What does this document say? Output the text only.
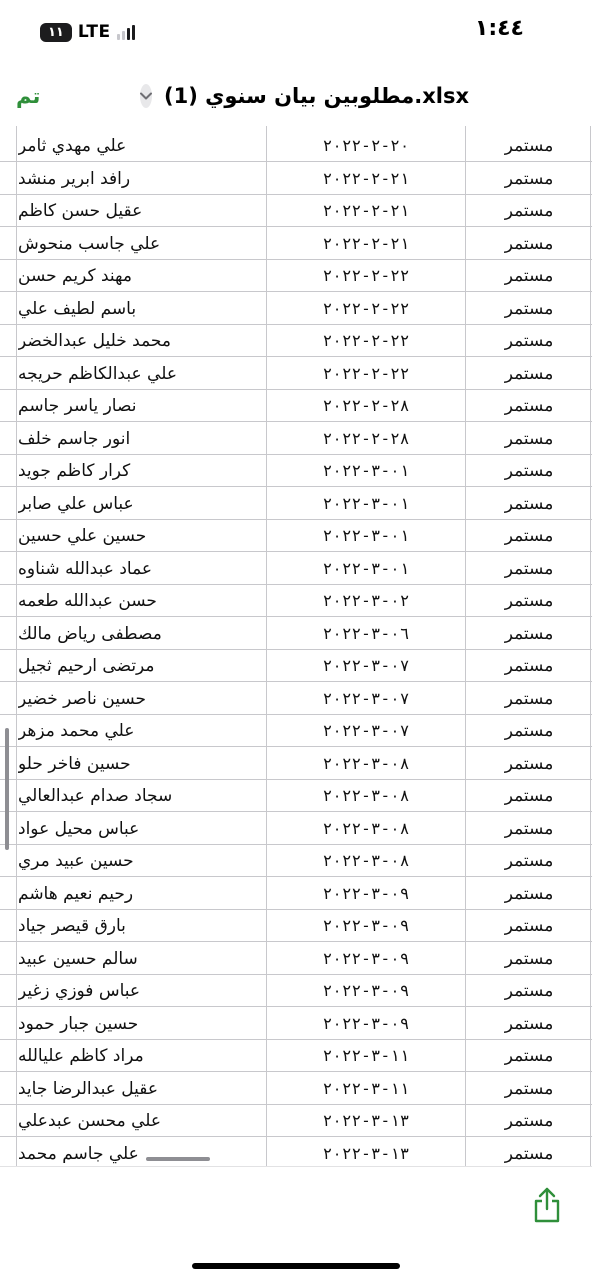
١١ LTE	١:٤٤
تم	مطلوبين بيان سنوي (1).xlsx
علي مهدي ثامر	٢٠-٢-٢٠٢٢	مستمر
رافد ابرير منشد	٢١-٢-٢٠٢٢	مستمر
عقيل حسن كاظم	٢١-٢-٢٠٢٢	مستمر
علي جاسب منحوش	٢١-٢-٢٠٢٢	مستمر
مهند كريم حسن	٢٢-٢-٢٠٢٢	مستمر
باسم لطيف علي	٢٢-٢-٢٠٢٢	مستمر
محمد خليل عبدالخضر	٢٢-٢-٢٠٢٢	مستمر
علي عبدالكاظم حريجه	٢٢-٢-٢٠٢٢	مستمر
نصار ياسر جاسم	٢٨-٢-٢٠٢٢	مستمر
انور جاسم خلف	٢٨-٢-٢٠٢٢	مستمر
كرار كاظم جويد	٠١-٣-٢٠٢٢	مستمر
عباس علي صابر	٠١-٣-٢٠٢٢	مستمر
حسين علي حسين	٠١-٣-٢٠٢٢	مستمر
عماد عبدالله شناوه	٠١-٣-٢٠٢٢	مستمر
حسن عبدالله طعمه	٠٢-٣-٢٠٢٢	مستمر
مصطفى رياض مالك	٠٦-٣-٢٠٢٢	مستمر
مرتضى ارحيم ثجيل	٠٧-٣-٢٠٢٢	مستمر
حسين ناصر خضير	٠٧-٣-٢٠٢٢	مستمر
علي محمد مزهر	٠٧-٣-٢٠٢٢	مستمر
حسين فاخر حلو	٠٨-٣-٢٠٢٢	مستمر
سجاد صدام عبدالعالي	٠٨-٣-٢٠٢٢	مستمر
عباس محيل عواد	٠٨-٣-٢٠٢٢	مستمر
حسين عبيد مري	٠٨-٣-٢٠٢٢	مستمر
رحيم نعيم هاشم	٠٩-٣-٢٠٢٢	مستمر
بارق قيصر جياد	٠٩-٣-٢٠٢٢	مستمر
سالم حسين عبيد	٠٩-٣-٢٠٢٢	مستمر
عباس فوزي زغير	٠٩-٣-٢٠٢٢	مستمر
حسين جبار حمود	٠٩-٣-٢٠٢٢	مستمر
مراد كاظم عليالله	١١-٣-٢٠٢٢	مستمر
عقيل عبدالرضا جايد	١١-٣-٢٠٢٢	مستمر
علي محسن عبدعلي	١٣-٣-٢٠٢٢	مستمر
علي جاسم محمد	١٣-٣-٢٠٢٢	مستمر
